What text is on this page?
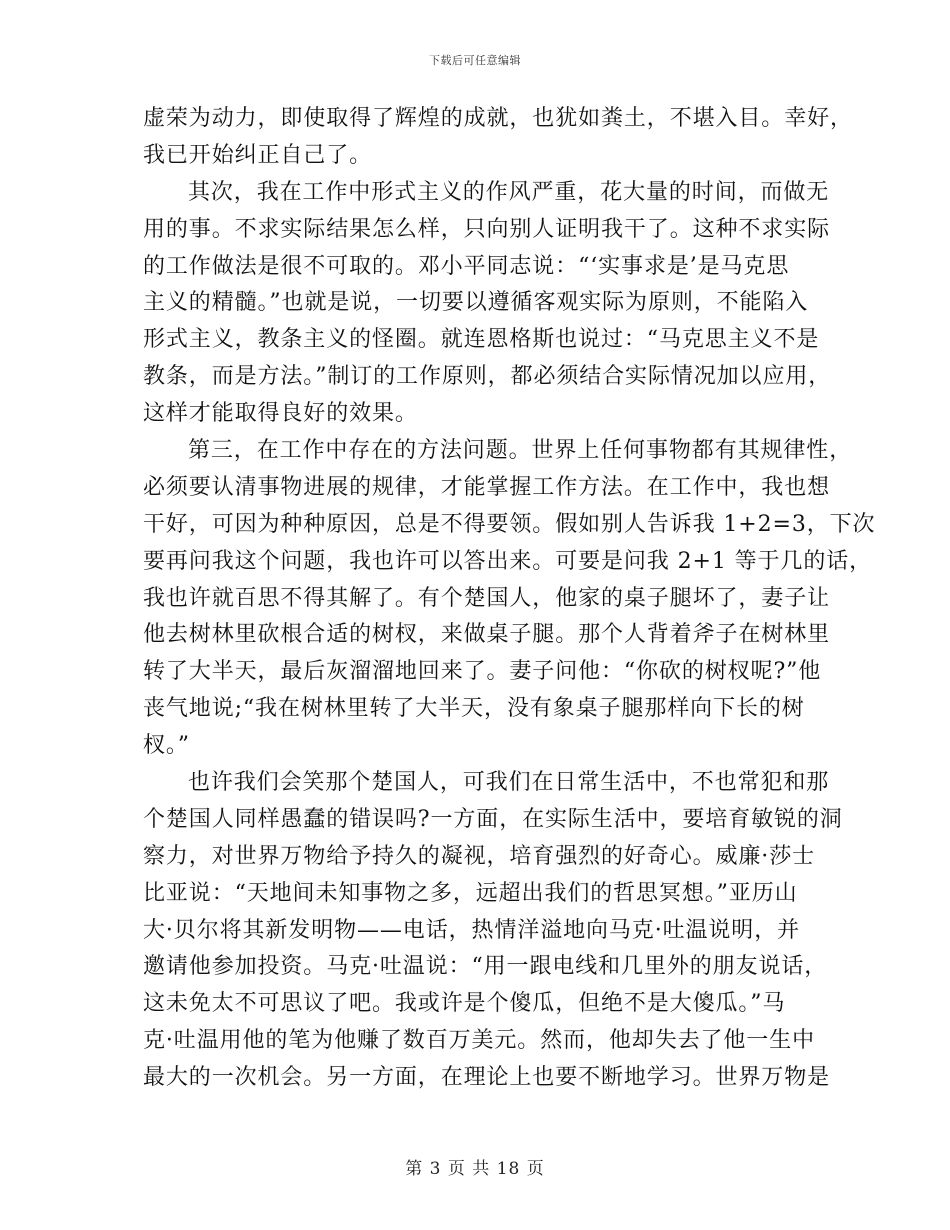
下载后可任意编辑
虚荣为动力，即使取得了辉煌的成就，也犹如粪土，不堪入目。幸好，
我已开始纠正自己了。
其次，我在工作中形式主义的作风严重，花大量的时间，而做无
用的事。不求实际结果怎么样，只向别人证明我干了。这种不求实际
的工作做法是很不可取的。邓小平同志说：“‘实事求是’是马克思
主义的精髓。”也就是说，一切要以遵循客观实际为原则，不能陷入
形式主义，教条主义的怪圈。就连恩格斯也说过：“马克思主义不是
教条，而是方法。”制订的工作原则，都必须结合实际情况加以应用，
这样才能取得良好的效果。
第三，在工作中存在的方法问题。世界上任何事物都有其规律性，
必须要认清事物进展的规律，才能掌握工作方法。在工作中，我也想
干好，可因为种种原因，总是不得要领。假如别人告诉我 1+2=3，下次
要再问我这个问题，我也许可以答出来。可要是问我 2+1 等于几的话，
我也许就百思不得其解了。有个楚国人，他家的桌子腿坏了，妻子让
他去树林里砍根合适的树杈，来做桌子腿。那个人背着斧子在树林里
转了大半天，最后灰溜溜地回来了。妻子问他：“你砍的树杈呢?”他
丧气地说;“我在树林里转了大半天，没有象桌子腿那样向下长的树
杈。”
也许我们会笑那个楚国人，可我们在日常生活中，不也常犯和那
个楚国人同样愚蠢的错误吗?一方面，在实际生活中，要培育敏锐的洞
察力，对世界万物给予持久的凝视，培育强烈的好奇心。威廉·莎士
比亚说：“天地间未知事物之多，远超出我们的哲思冥想。”亚历山
大·贝尔将其新发明物——电话，热情洋溢地向马克·吐温说明，并
邀请他参加投资。马克·吐温说：“用一跟电线和几里外的朋友说话，
这未免太不可思议了吧。我或许是个傻瓜，但绝不是大傻瓜。”马
克·吐温用他的笔为他赚了数百万美元。然而，他却失去了他一生中
最大的一次机会。另一方面，在理论上也要不断地学习。世界万物是
第 3 页 共 18 页
